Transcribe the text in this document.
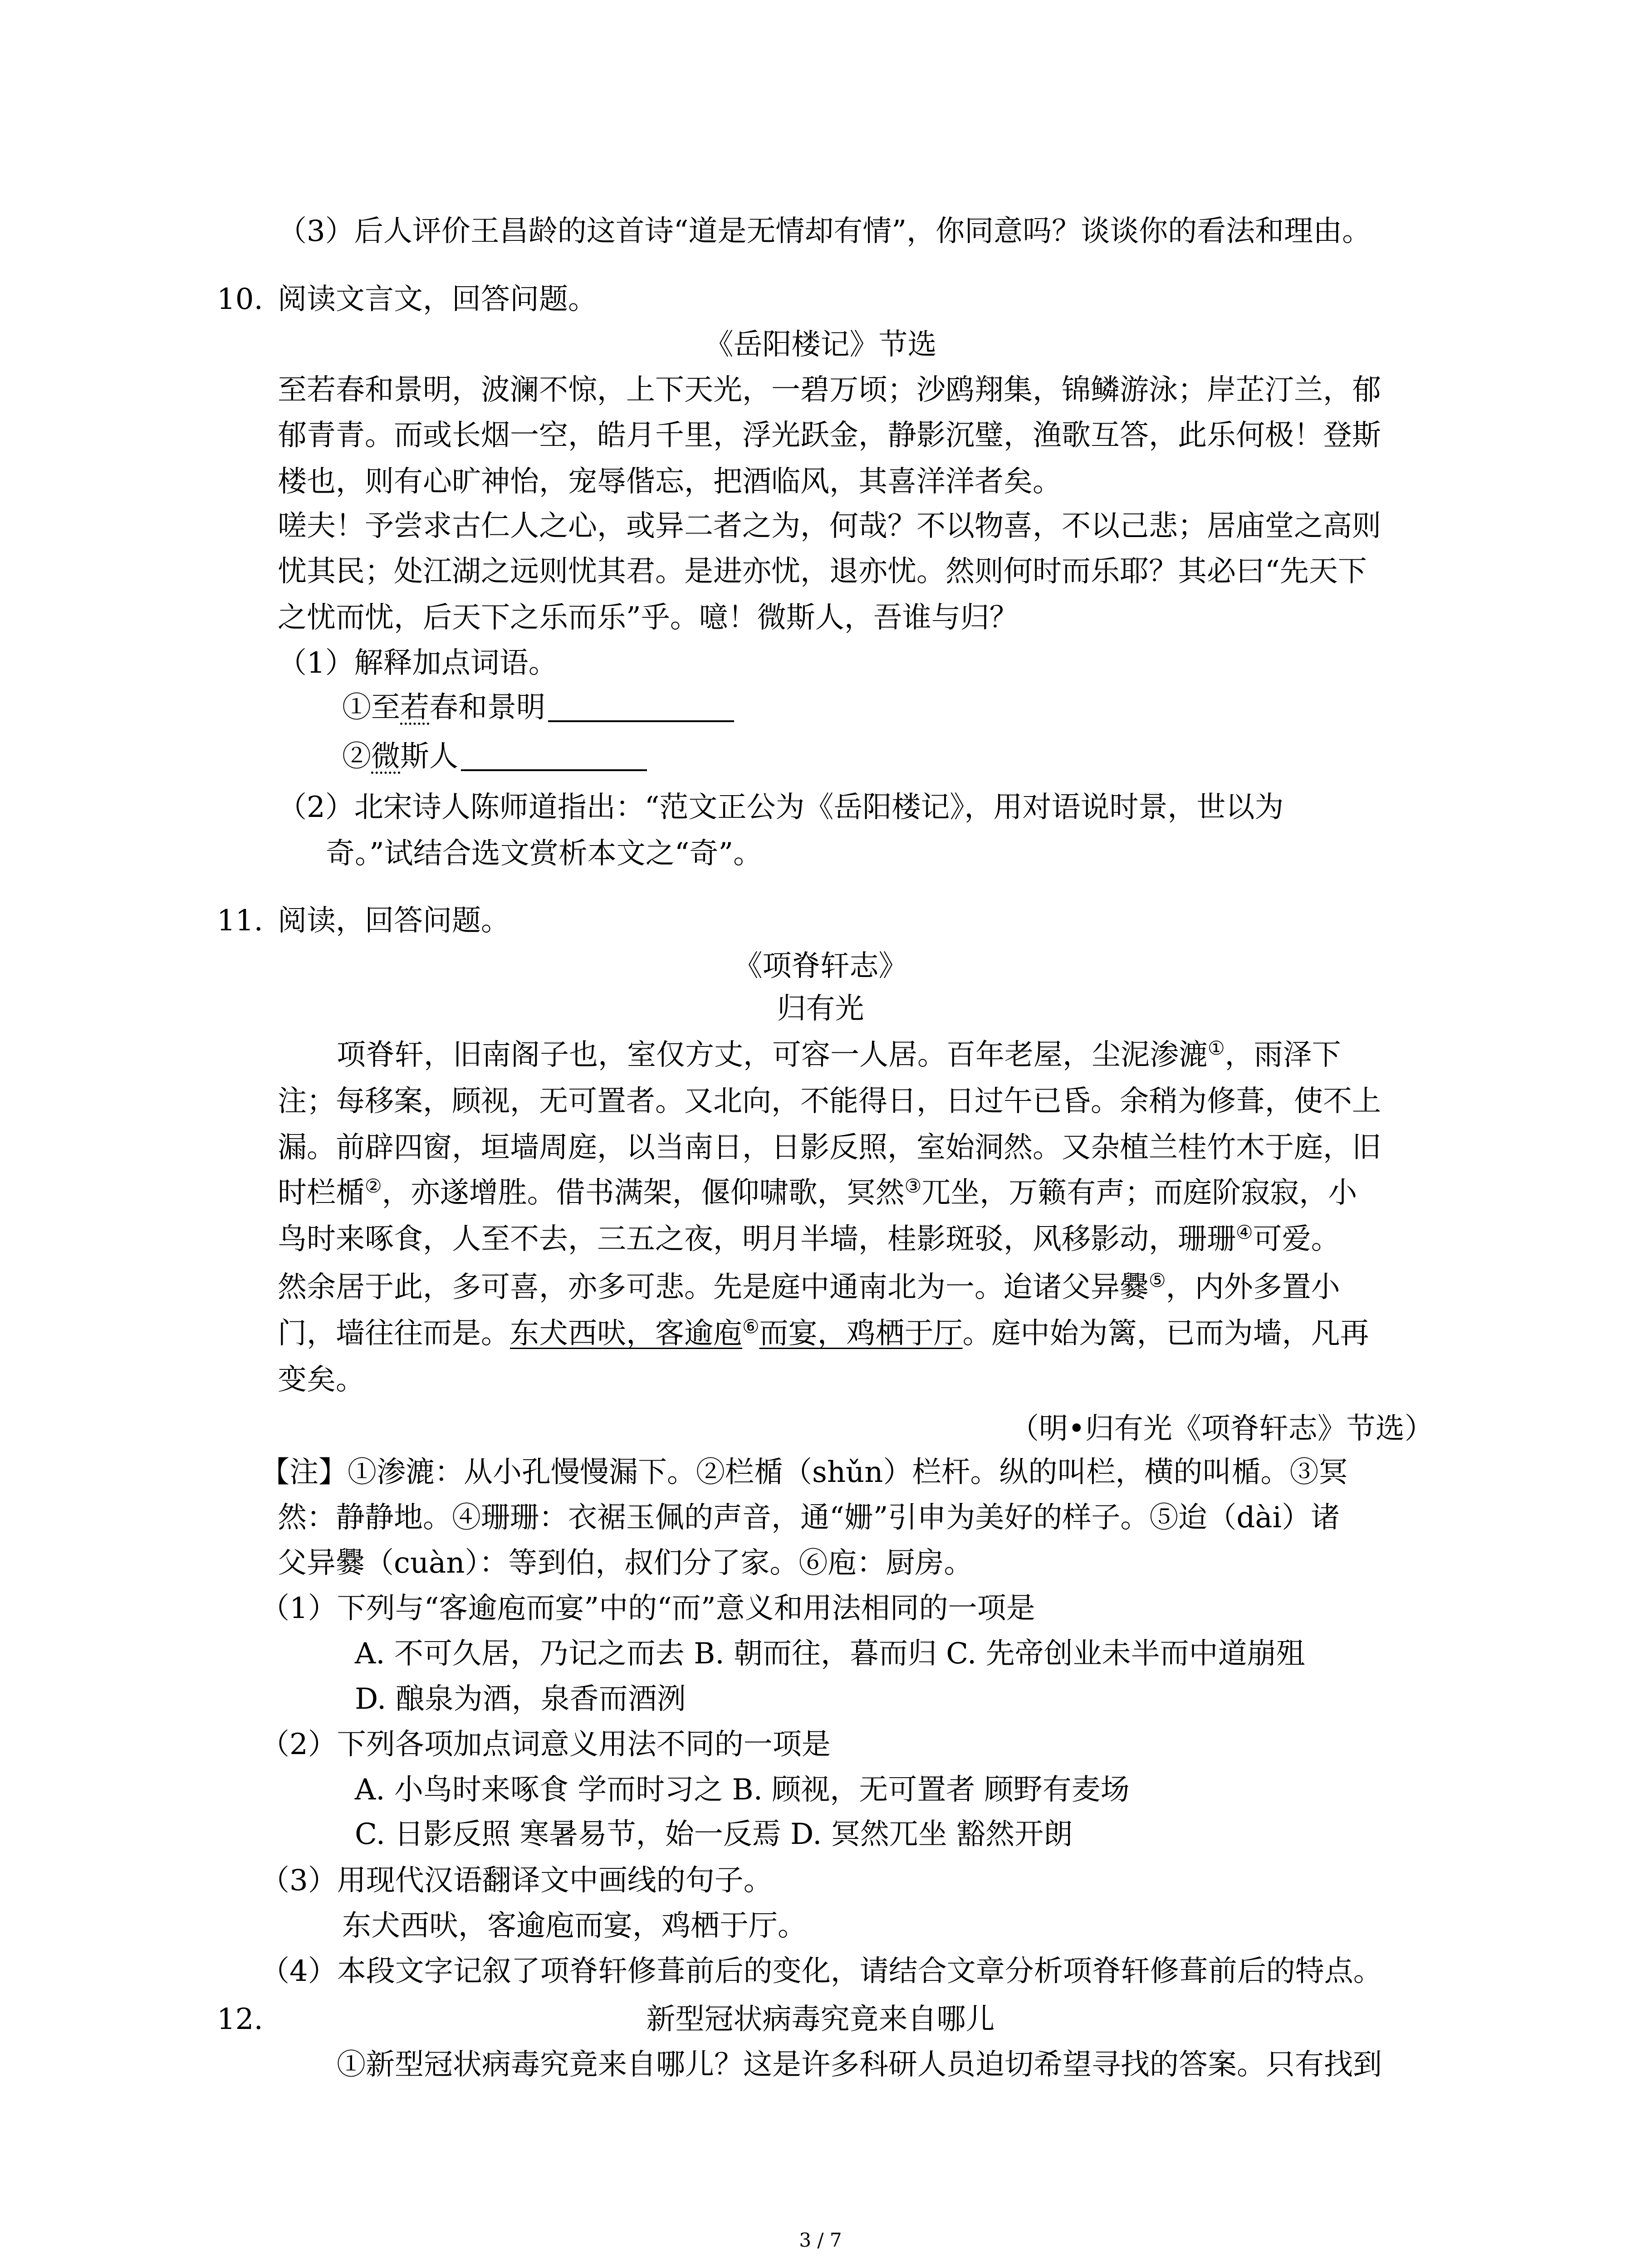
（3）后人评价王昌龄的这首诗“道是无情却有情”，你同意吗？谈谈你的看法和理由。
10. 阅读文言文，回答问题。
《岳阳楼记》节选
至若春和景明，波澜不惊，上下天光，一碧万顷；沙鸥翔集，锦鳞游泳；岸芷汀兰，郁
郁青青。而或长烟一空，皓月千里，浮光跃金，静影沉璧，渔歌互答，此乐何极！登斯
楼也，则有心旷神怡，宠辱偕忘，把酒临风，其喜洋洋者矣。
嗟夫！予尝求古仁人之心，或异二者之为，何哉？不以物喜，不以己悲；居庙堂之高则
忧其民；处江湖之远则忧其君。是进亦忧，退亦忧。然则何时而乐耶？其必曰“先天下
之忧而忧，后天下之乐而乐”乎。噫！微斯人，吾谁与归？
（1）解释加点词语。
①至若春和景明
②微斯人
（2）北宋诗人陈师道指出：“范文正公为《岳阳楼记》，用对语说时景，世以为
奇。”试结合选文赏析本文之“奇”。
11. 阅读，回答问题。
《项脊轩志》
归有光
项脊轩，旧南阁子也，室仅方丈，可容一人居。百年老屋，尘泥渗漉①，雨泽下
注；每移案，顾视，无可置者。又北向，不能得日，日过午已昏。余稍为修葺，使不上
漏。前辟四窗，垣墙周庭，以当南日，日影反照，室始洞然。又杂植兰桂竹木于庭，旧
时栏楯②，亦遂增胜。借书满架，偃仰啸歌，冥然③兀坐，万籁有声；而庭阶寂寂，小
鸟时来啄食，人至不去，三五之夜，明月半墙，桂影斑驳，风移影动，珊珊④可爱。
然余居于此，多可喜，亦多可悲。先是庭中通南北为一。迨诸父异爨⑤，内外多置小
门，墙往往而是。东犬西吠，客逾庖⑥而宴，鸡栖于厅。庭中始为篱，已而为墙，凡再
变矣。
（明•归有光《项脊轩志》节选）
【注】①渗漉：从小孔慢慢漏下。②栏楯（shǔn）栏杆。纵的叫栏，横的叫楯。③冥
然：静静地。④珊珊：衣裾玉佩的声音，通“姗”引申为美好的样子。⑤迨（dài）诸
父异爨（cuàn）：等到伯，叔们分了家。⑥庖：厨房。
（1）下列与“客逾庖而宴”中的“而”意义和用法相同的一项是
A. 不可久居，乃记之而去 B. 朝而往，暮而归 C. 先帝创业未半而中道崩殂
D. 酿泉为酒，泉香而酒洌
（2）下列各项加点词意义用法不同的一项是
A. 小鸟时来啄食 学而时习之 B. 顾视，无可置者 顾野有麦场
C. 日影反照 寒暑易节，始一反焉 D. 冥然兀坐 豁然开朗
（3）用现代汉语翻译文中画线的句子。
东犬西吠，客逾庖而宴，鸡栖于厅。
（4）本段文字记叙了项脊轩修葺前后的变化，请结合文章分析项脊轩修葺前后的特点。
12.	新型冠状病毒究竟来自哪儿
①新型冠状病毒究竟来自哪儿？这是许多科研人员迫切希望寻找的答案。只有找到
3 / 7
